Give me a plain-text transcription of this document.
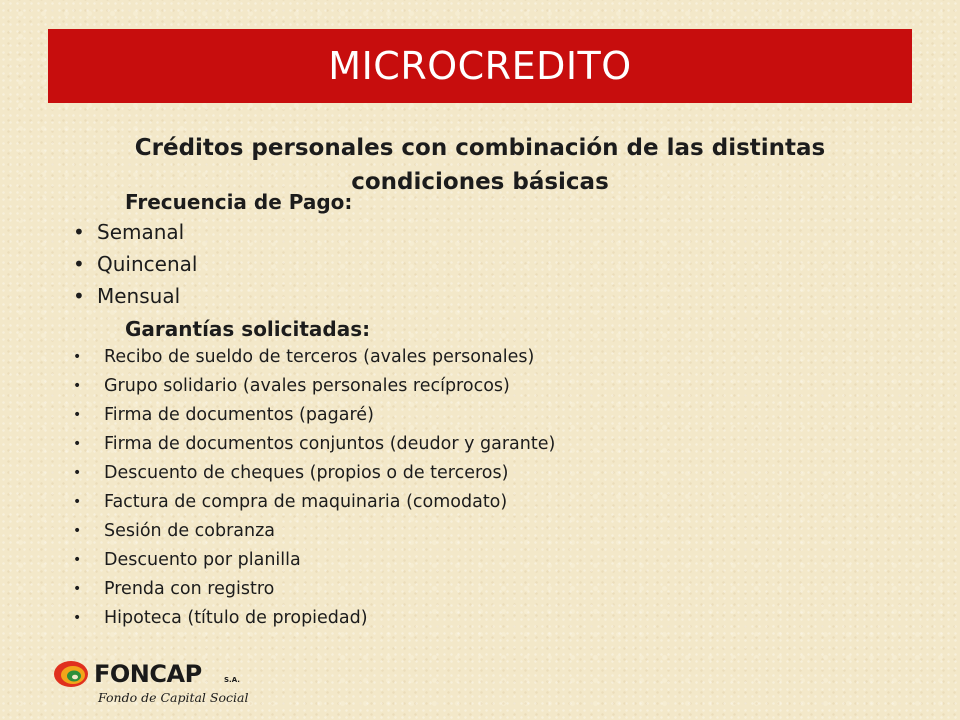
MICROCREDITO
Créditos personales con combinación de las distintas condiciones básicas
Frecuencia de Pago:
• Semanal
• Quincenal
• Mensual
Garantías solicitadas:
• Recibo de sueldo de terceros (avales personales)
• Grupo solidario (avales personales recíprocos)
• Firma de documentos (pagaré)
• Firma de documentos conjuntos (deudor y garante)
• Descuento de cheques (propios o de terceros)
• Factura de compra de maquinaria (comodato)
• Sesión de cobranza
• Descuento por planilla
• Prenda con registro
• Hipoteca (título de propiedad)
FONCAP	S.A.
Fondo de Capital Social
